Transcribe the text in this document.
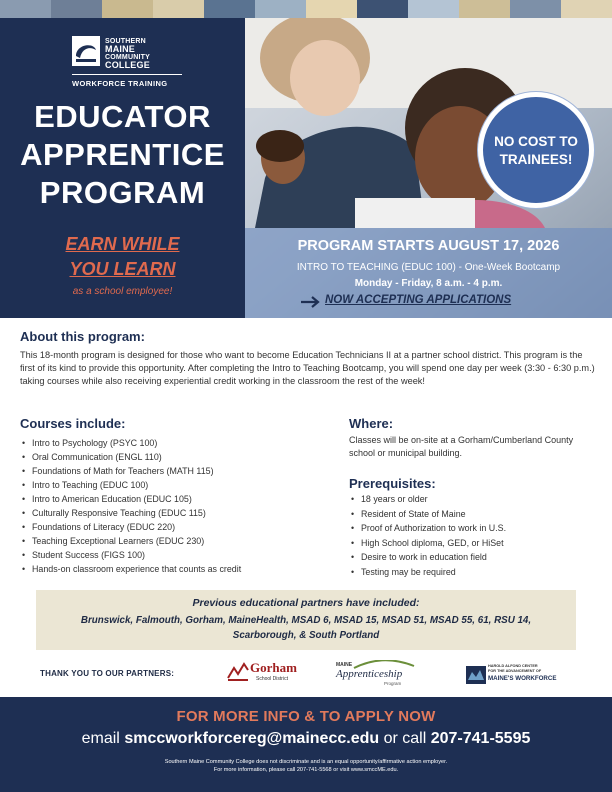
SOUTHERN
MAINE
COMMUNITY
COLLEGE
WORKFORCE TRAINING
EDUCATOR
APPRENTICE
PROGRAM
EARN WHILE
YOU LEARN
as a school employee!
PROGRAM STARTS AUGUST 17, 2026
INTRO TO TEACHING (EDUC 100) - One-Week Bootcamp
Monday - Friday, 8 a.m. - 4 p.m.
NOW ACCEPTING APPLICATIONS
NO COST TO
TRAINEES!
About this program:
This 18-month program is designed for those who want to become Education Technicians II at a partner school district. This program is the first of its kind to provide this opportunity. After completing the Intro to Teaching Bootcamp, you will spend one day per week (3:30 - 6:30 p.m.) taking courses while also receiving experiential credit working in the classroom the rest of the week!
Courses include:
• Intro to Psychology (PSYC 100)
• Oral Communication (ENGL 110)
• Foundations of Math for Teachers (MATH 115)
• Intro to Teaching (EDUC 100)
• Intro to American Education (EDUC 105)
• Culturally Responsive Teaching (EDUC 115)
• Foundations of Literacy (EDUC 220)
• Teaching Exceptional Learners (EDUC 230)
• Student Success (FIGS 100)
• Hands-on classroom experience that counts as credit
Where:
Classes will be on-site at a Gorham/Cumberland County school or municipal building.
Prerequisites:
• 18 years or older
• Resident of State of Maine
• Proof of Authorization to work in U.S.
• High School diploma, GED, or HiSet
• Desire to work in education field
• Testing may be required
Previous educational partners have included:
Brunswick, Falmouth, Gorham, MaineHealth, MSAD 6, MSAD 15, MSAD 51, MSAD 55, 61, RSU 14, Scarborough, & South Portland
THANK YOU TO OUR PARTNERS:	Gorham
School District
MAINE
Apprenticeship
Program
HAROLD ALFOND CENTER
FOR THE ADVANCEMENT OF
MAINE'S WORKFORCE
FOR MORE INFO & TO APPLY NOW
email smccworkforcereg@mainecc.edu or call 207-741-5595
Southern Maine Community College does not discriminate and is an equal opportunity/affirmative action employer.
For more information, please call 207-741-5568 or visit www.smccME.edu.
